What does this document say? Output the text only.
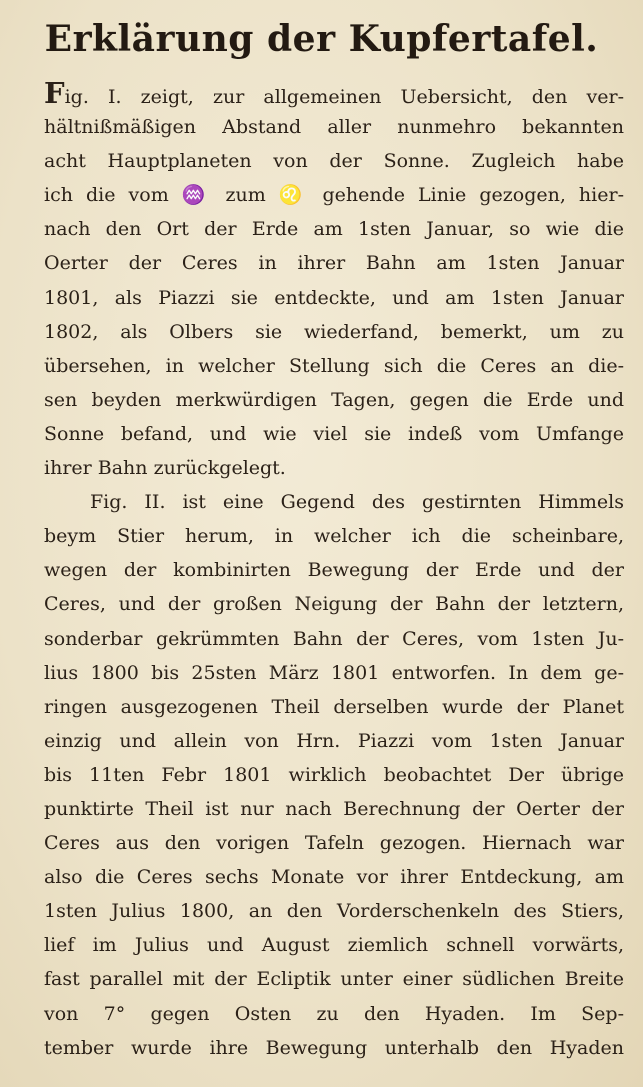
Erklärung der Kupfertafel.
Fig. I. zeigt, zur allgemeinen Uebersicht, den ver-
hältnißmäßigen Abstand aller nunmehro bekannten
acht Hauptplaneten von der Sonne. Zugleich habe
ich die vom ♒ zum ♌ gehende Linie gezogen, hier-
nach den Ort der Erde am 1sten Januar, so wie die
Oerter der Ceres in ihrer Bahn am 1sten Januar
1801, als Piazzi sie entdeckte, und am 1sten Januar
1802, als Olbers sie wiederfand, bemerkt, um zu
übersehen, in welcher Stellung sich die Ceres an die-
sen beyden merkwürdigen Tagen, gegen die Erde und
Sonne befand, und wie viel sie indeß vom Umfange
ihrer Bahn zurückgelegt.
Fig. II. ist eine Gegend des gestirnten Himmels
beym Stier herum, in welcher ich die scheinbare,
wegen der kombinirten Bewegung der Erde und der
Ceres, und der großen Neigung der Bahn der letztern,
sonderbar gekrümmten Bahn der Ceres, vom 1sten Ju-
lius 1800 bis 25sten März 1801 entworfen. In dem ge-
ringen ausgezogenen Theil derselben wurde der Planet
einzig und allein von Hrn. Piazzi vom 1sten Januar
bis 11ten Febr 1801 wirklich beobachtet Der übrige
punktirte Theil ist nur nach Berechnung der Oerter der
Ceres aus den vorigen Tafeln gezogen. Hiernach war
also die Ceres sechs Monate vor ihrer Entdeckung, am
1sten Julius 1800, an den Vorderschenkeln des Stiers,
lief im Julius und August ziemlich schnell vorwärts,
fast parallel mit der Ecliptik unter einer südlichen Breite
von 7° gegen Osten zu den Hyaden. Im Sep-
tember wurde ihre Bewegung unterhalb den Hyaden
